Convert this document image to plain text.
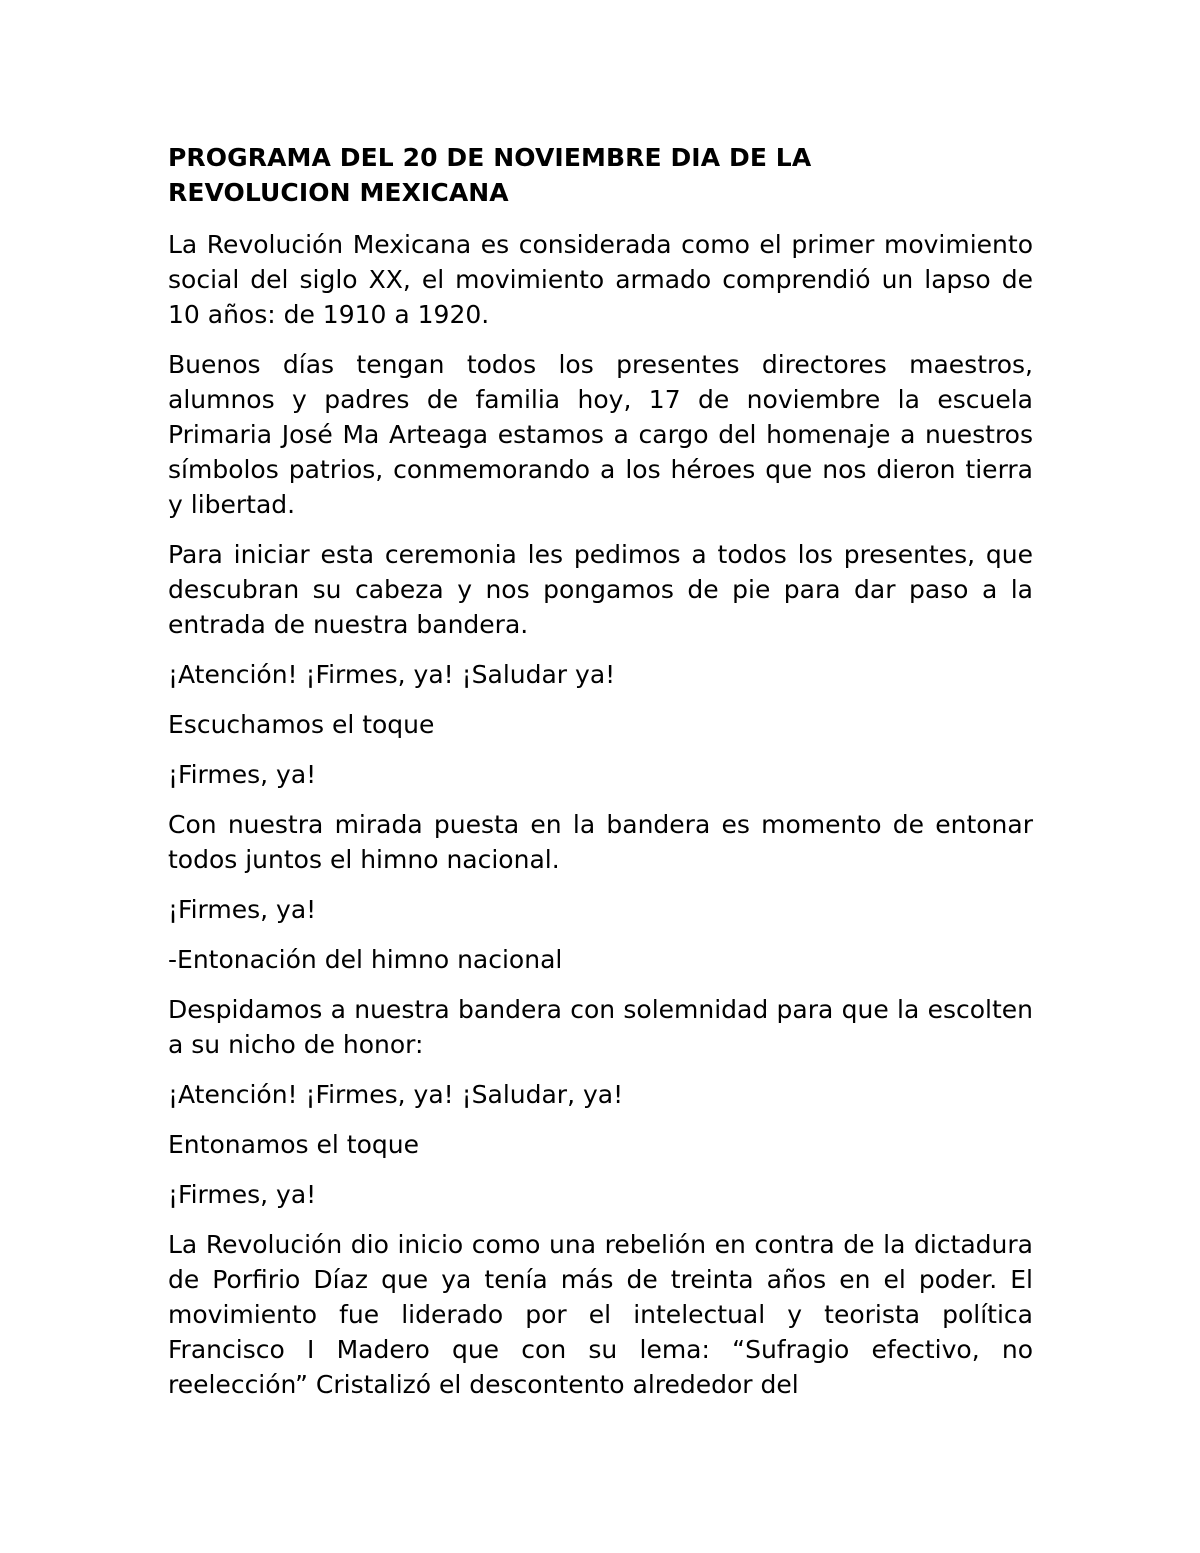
PROGRAMA DEL 20 DE NOVIEMBRE DIA DE LA
REVOLUCION MEXICANA

La Revolución Mexicana es considerada como el primer movimiento social del siglo XX, el movimiento armado comprendió un lapso de 10 años: de 1910 a 1920.

Buenos días tengan todos los presentes directores maestros, alumnos y padres de familia hoy, 17 de noviembre la escuela Primaria José Ma Arteaga estamos a cargo del homenaje a nuestros símbolos patrios, conmemorando a los héroes que nos dieron tierra y libertad.

Para iniciar esta ceremonia les pedimos a todos los presentes, que descubran su cabeza y nos pongamos de pie para dar paso a la entrada de nuestra bandera.

¡Atención! ¡Firmes, ya! ¡Saludar ya!

Escuchamos el toque

¡Firmes, ya!

Con nuestra mirada puesta en la bandera es momento de entonar todos juntos el himno nacional.

¡Firmes, ya!

-Entonación del himno nacional

Despidamos a nuestra bandera con solemnidad para que la escolten a su nicho de honor:

¡Atención! ¡Firmes, ya! ¡Saludar, ya!

Entonamos el toque

¡Firmes, ya!

La Revolución dio inicio como una rebelión en contra de la dictadura de Porfirio Díaz que ya tenía más de treinta años en el poder. El movimiento fue liderado por el intelectual y teorista política Francisco I Madero que con su lema: “Sufragio efectivo, no reelección” Cristalizó el descontento alrededor del
